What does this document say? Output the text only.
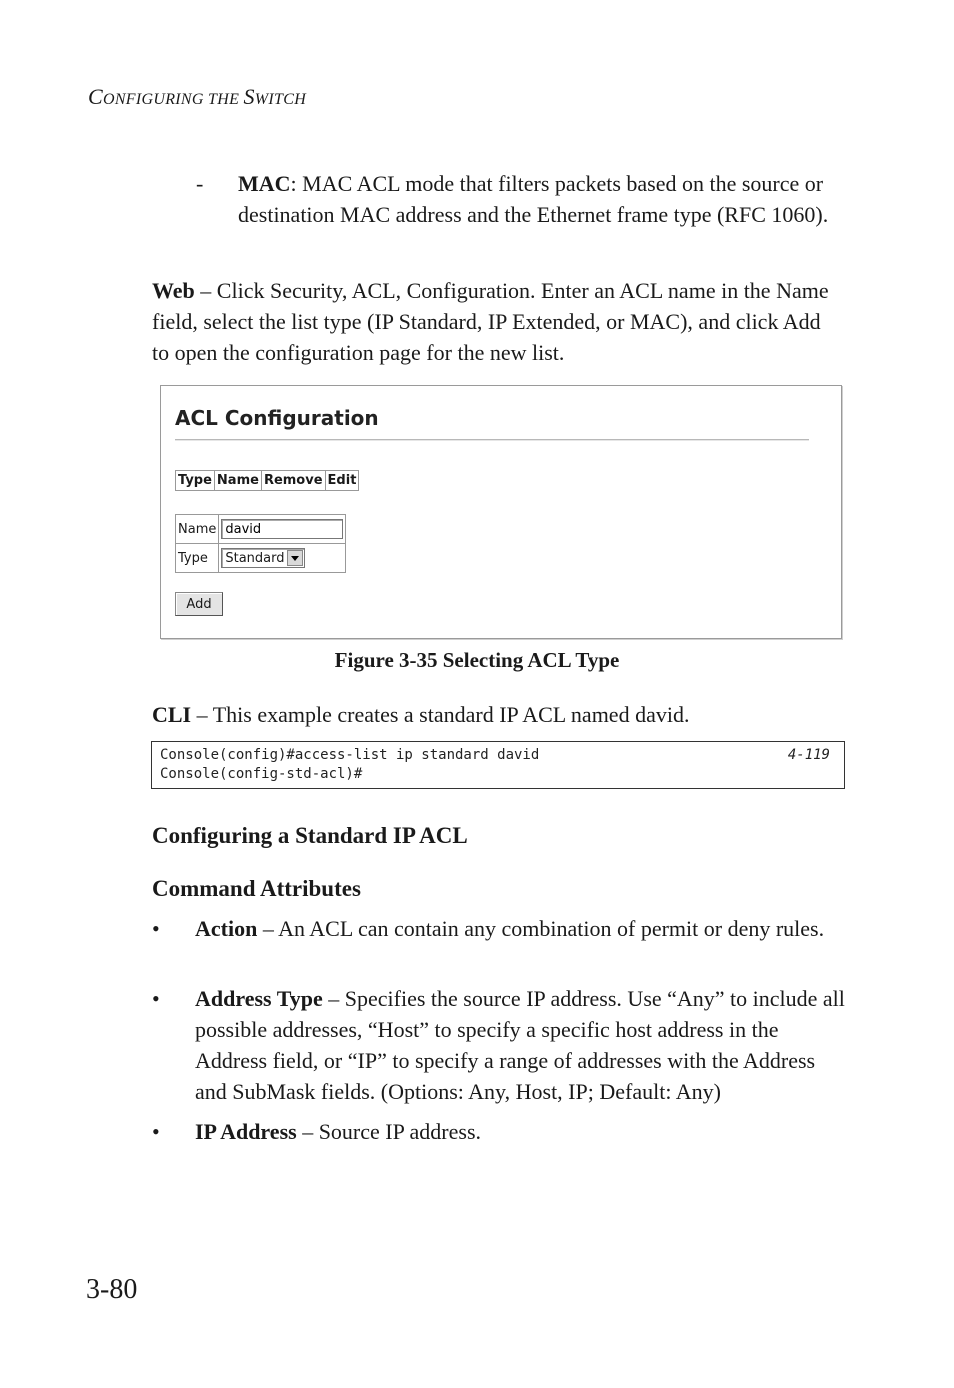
CONFIGURING THE SWITCH
- MAC: MAC ACL mode that filters packets based on the source or destination MAC address and the Ethernet frame type (RFC 1060).
Web – Click Security, ACL, Configuration. Enter an ACL name in the Name field, select the list type (IP Standard, IP Extended, or MAC), and click Add to open the configuration page for the new list.
ACL Configuration
Type	Name	Remove	Edit
Name	david
Type	Standard
Add
Figure 3-35 Selecting ACL Type
CLI – This example creates a standard IP ACL named david.
Console(config)#access-list ip standard david	4-119
Console(config-std-acl)#
Configuring a Standard IP ACL
Command Attributes
• Action – An ACL can contain any combination of permit or deny rules.
• Address Type – Specifies the source IP address. Use “Any” to include all possible addresses, “Host” to specify a specific host address in the Address field, or “IP” to specify a range of addresses with the Address and SubMask fields. (Options: Any, Host, IP; Default: Any)
• IP Address – Source IP address.
3-80
